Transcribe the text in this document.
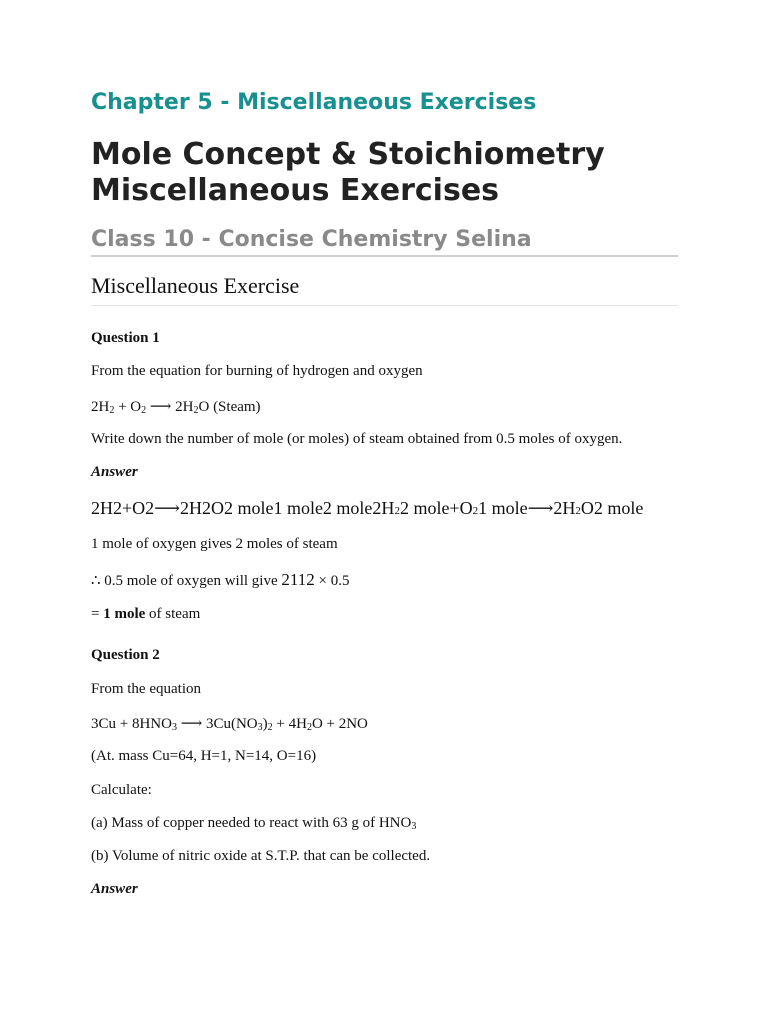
Chapter 5 - Miscellaneous Exercises
Mole Concept & Stoichiometry
Miscellaneous Exercises
Class 10 - Concise Chemistry Selina
Miscellaneous Exercise
Question 1
From the equation for burning of hydrogen and oxygen
$2H_2 + O_2$ ⟶ $2H_2O$ (Steam)
Write down the number of mole (or moles) of steam obtained from 0.5 moles of oxygen.
Answer
2H2+O2⟶2H2O2 mole1 mole2 mole2H22 mole+O21 mole⟶2H2O2 mole
1 mole of oxygen gives 2 moles of steam
∴ 0.5 mole of oxygen will give 2112 × 0.5
= 1 mole of steam
Question 2
From the equation
$3Cu + 8HNO_3$ ⟶ $3Cu(NO_3)_2 + 4H_2O + 2NO$
(At. mass Cu=64, H=1, N=14, O=16)
Calculate:
(a) Mass of copper needed to react with 63 g of $HNO_3$
(b) Volume of nitric oxide at S.T.P. that can be collected.
Answer
